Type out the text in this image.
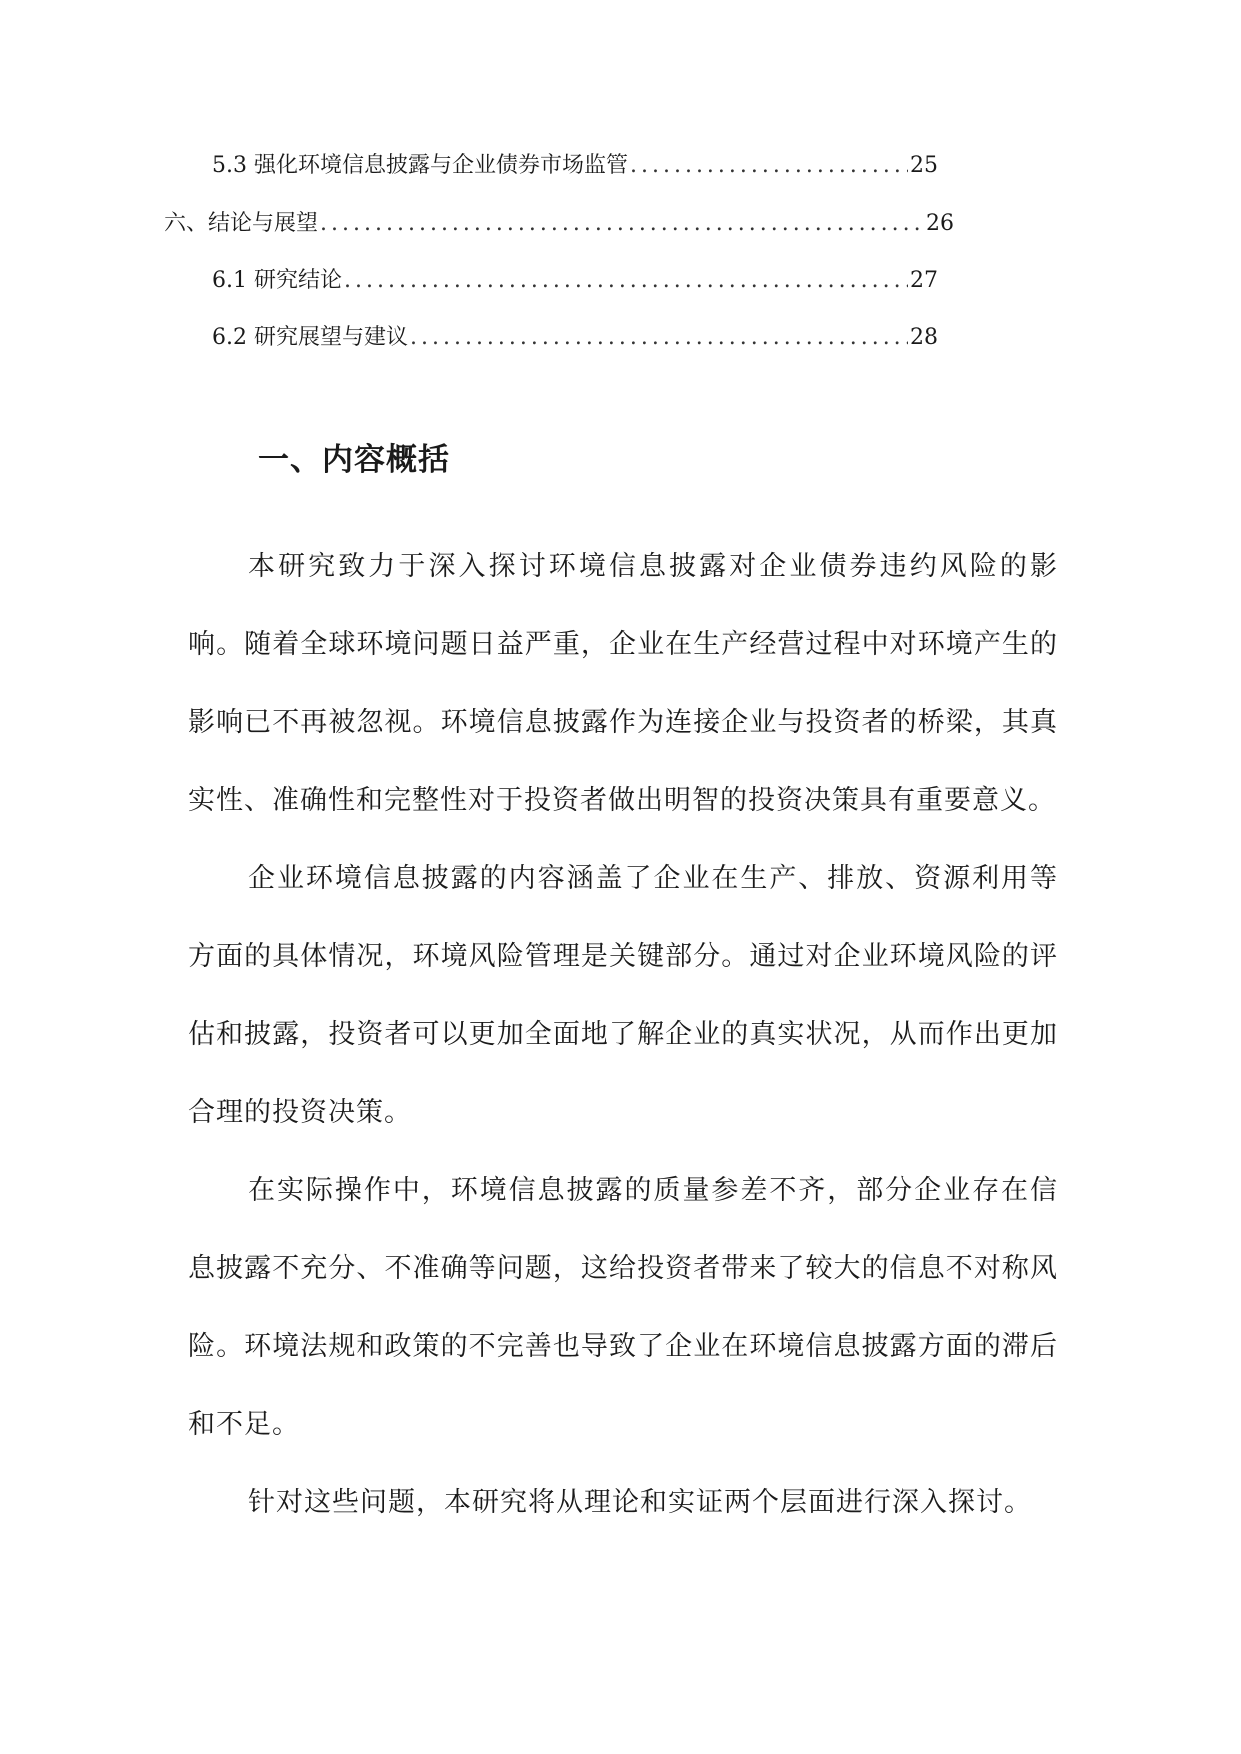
5.3 强化环境信息披露与企业债券市场监管 .....	25
六、结论与展望 .....	26
6.1 研究结论 .....	27
6.2 研究展望与建议 .....	28
一、内容概括

本研究致力于深入探讨环境信息披露对企业债券违约风险的影响。随着全球环境问题日益严重，企业在生产经营过程中对环境产生的影响已不再被忽视。环境信息披露作为连接企业与投资者的桥梁，其真实性、准确性和完整性对于投资者做出明智的投资决策具有重要意义。

企业环境信息披露的内容涵盖了企业在生产、排放、资源利用等方面的具体情况，环境风险管理是关键部分。通过对企业环境风险的评估和披露，投资者可以更加全面地了解企业的真实状况，从而作出更加合理的投资决策。

在实际操作中，环境信息披露的质量参差不齐，部分企业存在信息披露不充分、不准确等问题，这给投资者带来了较大的信息不对称风险。环境法规和政策的不完善也导致了企业在环境信息披露方面的滞后和不足。

针对这些问题，本研究将从理论和实证两个层面进行深入探讨。
